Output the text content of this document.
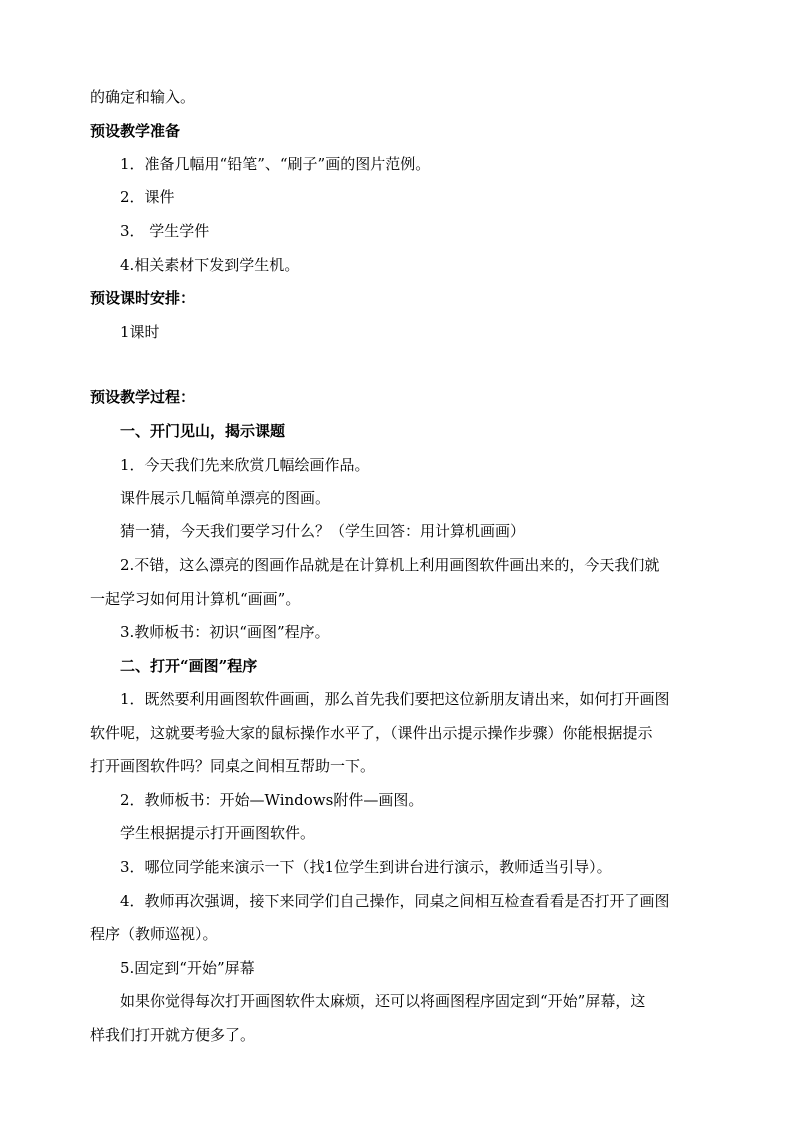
的确定和输入。
预设教学准备
1．准备几幅用“铅笔”、“刷子”画的图片范例。
2．课件
3． 学生学件
4.相关素材下发到学生机。
预设课时安排：
1课时
预设教学过程：
一、开门见山，揭示课题
1．今天我们先来欣赏几幅绘画作品。
课件展示几幅简单漂亮的图画。
猜一猜，今天我们要学习什么？（学生回答：用计算机画画）
2.不错，这么漂亮的图画作品就是在计算机上利用画图软件画出来的，今天我们就
一起学习如何用计算机“画画”。
3.教师板书：初识“画图”程序。
二、打开“画图”程序
1．既然要利用画图软件画画，那么首先我们要把这位新朋友请出来，如何打开画图
软件呢，这就要考验大家的鼠标操作水平了，（课件出示提示操作步骤）你能根据提示
打开画图软件吗？同桌之间相互帮助一下。
2．教师板书：开始—Windows附件—画图。
学生根据提示打开画图软件。
3．哪位同学能来演示一下（找1位学生到讲台进行演示，教师适当引导）。
4．教师再次强调，接下来同学们自己操作，同桌之间相互检查看看是否打开了画图
程序（教师巡视）。
5.固定到“开始”屏幕
如果你觉得每次打开画图软件太麻烦，还可以将画图程序固定到“开始”屏幕，这
样我们打开就方便多了。
